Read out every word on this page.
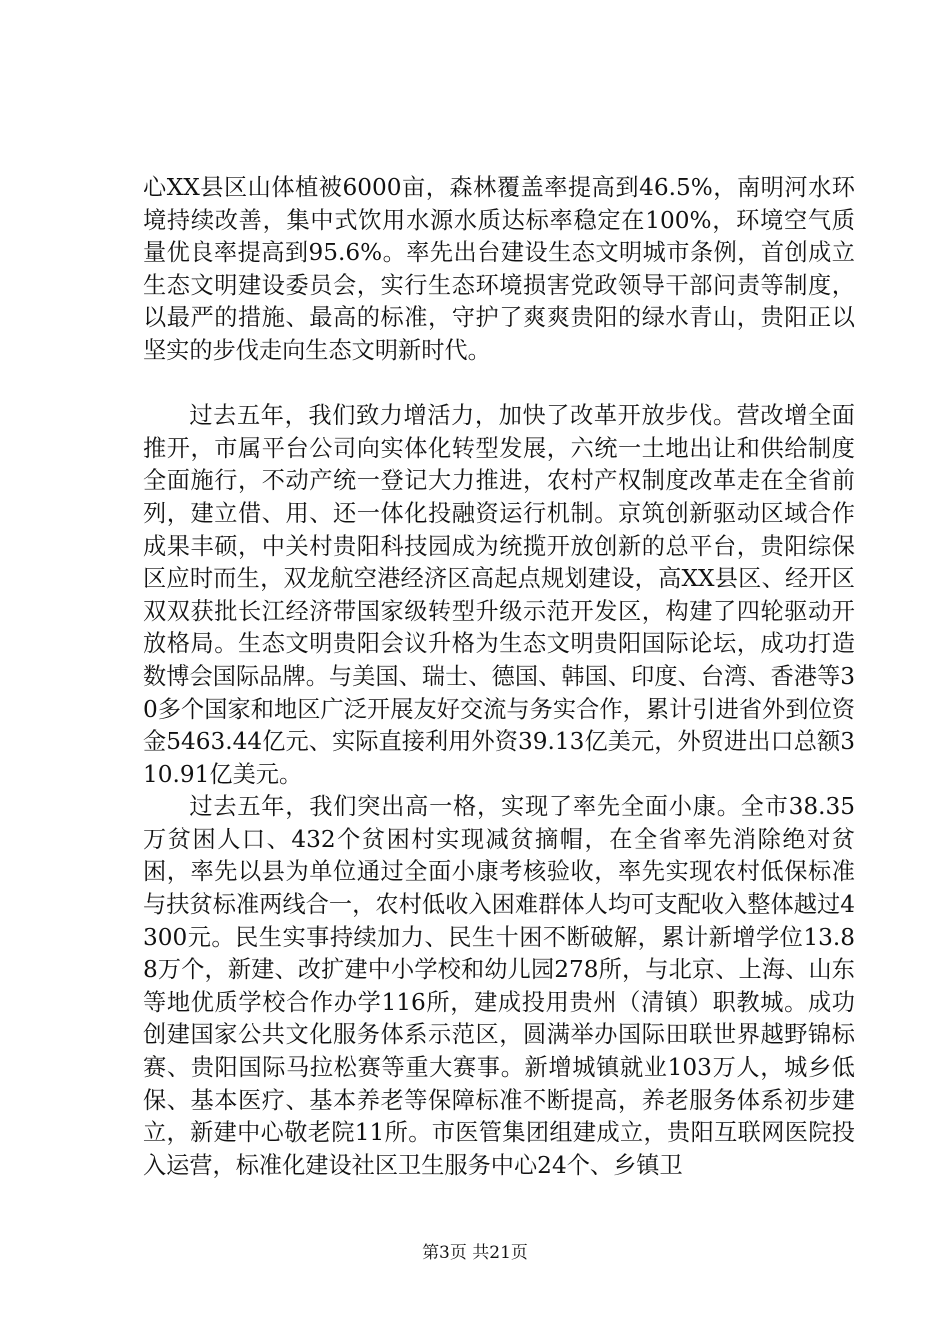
心XX县区山体植被6000亩，森林覆盖率提高到46.5%，南明河水环境持续改善，集中式饮用水源水质达标率稳定在100%，环境空气质量优良率提高到95.6%。率先出台建设生态文明城市条例，首创成立生态文明建设委员会，实行生态环境损害党政领导干部问责等制度，以最严的措施、最高的标准，守护了爽爽贵阳的绿水青山，贵阳正以坚实的步伐走向生态文明新时代。

过去五年，我们致力增活力，加快了改革开放步伐。营改增全面推开，市属平台公司向实体化转型发展，六统一土地出让和供给制度全面施行，不动产统一登记大力推进，农村产权制度改革走在全省前列，建立借、用、还一体化投融资运行机制。京筑创新驱动区域合作成果丰硕，中关村贵阳科技园成为统揽开放创新的总平台，贵阳综保区应时而生，双龙航空港经济区高起点规划建设，高XX县区、经开区双双获批长江经济带国家级转型升级示范开发区，构建了四轮驱动开放格局。生态文明贵阳会议升格为生态文明贵阳国际论坛，成功打造数博会国际品牌。与美国、瑞士、德国、韩国、印度、台湾、香港等30多个国家和地区广泛开展友好交流与务实合作，累计引进省外到位资金5463.44亿元、实际直接利用外资39.13亿美元，外贸进出口总额310.91亿美元。

过去五年，我们突出高一格，实现了率先全面小康。全市38.35万贫困人口、432个贫困村实现减贫摘帽，在全省率先消除绝对贫困，率先以县为单位通过全面小康考核验收，率先实现农村低保标准与扶贫标准两线合一，农村低收入困难群体人均可支配收入整体越过4300元。民生实事持续加力、民生十困不断破解，累计新增学位13.88万个，新建、改扩建中小学校和幼儿园278所，与北京、上海、山东等地优质学校合作办学116所，建成投用贵州（清镇）职教城。成功创建国家公共文化服务体系示范区，圆满举办国际田联世界越野锦标赛、贵阳国际马拉松赛等重大赛事。新增城镇就业103万人，城乡低保、基本医疗、基本养老等保障标准不断提高，养老服务体系初步建立，新建中心敬老院11所。市医管集团组建成立，贵阳互联网医院投入运营，标准化建设社区卫生服务中心24个、乡镇卫

第3页 共21页
